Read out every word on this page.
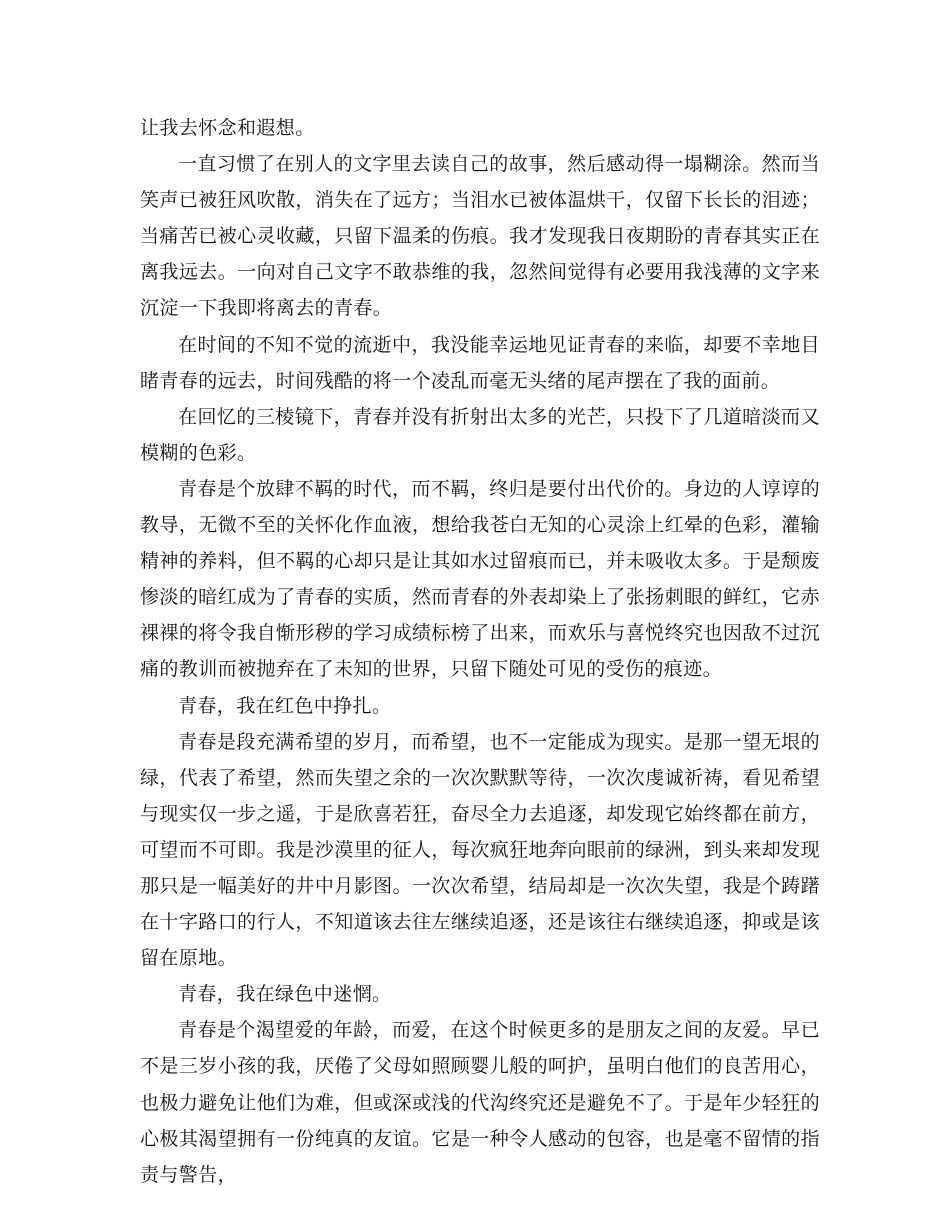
让我去怀念和遐想。

一直习惯了在别人的文字里去读自己的故事，然后感动得一塌糊涂。然而当笑声已被狂风吹散，消失在了远方；当泪水已被体温烘干，仅留下长长的泪迹；当痛苦已被心灵收藏，只留下温柔的伤痕。我才发现我日夜期盼的青春其实正在离我远去。一向对自己文字不敢恭维的我，忽然间觉得有必要用我浅薄的文字来沉淀一下我即将离去的青春。

在时间的不知不觉的流逝中，我没能幸运地见证青春的来临，却要不幸地目睹青春的远去，时间残酷的将一个凌乱而毫无头绪的尾声摆在了我的面前。

在回忆的三棱镜下，青春并没有折射出太多的光芒，只投下了几道暗淡而又模糊的色彩。

青春是个放肆不羁的时代，而不羁，终归是要付出代价的。身边的人谆谆的教导，无微不至的关怀化作血液，想给我苍白无知的心灵涂上红晕的色彩，灌输精神的养料，但不羁的心却只是让其如水过留痕而已，并未吸收太多。于是颓废惨淡的暗红成为了青春的实质，然而青春的外表却染上了张扬刺眼的鲜红，它赤裸裸的将令我自惭形秽的学习成绩标榜了出来，而欢乐与喜悦终究也因敌不过沉痛的教训而被抛弃在了未知的世界，只留下随处可见的受伤的痕迹。

青春，我在红色中挣扎。

青春是段充满希望的岁月，而希望，也不一定能成为现实。是那一望无垠的绿，代表了希望，然而失望之余的一次次默默等待，一次次虔诚祈祷，看见希望与现实仅一步之遥，于是欣喜若狂，奋尽全力去追逐，却发现它始终都在前方，可望而不可即。我是沙漠里的征人，每次疯狂地奔向眼前的绿洲，到头来却发现那只是一幅美好的井中月影图。一次次希望，结局却是一次次失望，我是个踌躇在十字路口的行人，不知道该去往左继续追逐，还是该往右继续追逐，抑或是该留在原地。

青春，我在绿色中迷惘。

青春是个渴望爱的年龄，而爱，在这个时候更多的是朋友之间的友爱。早已不是三岁小孩的我，厌倦了父母如照顾婴儿般的呵护，虽明白他们的良苦用心，也极力避免让他们为难，但或深或浅的代沟终究还是避免不了。于是年少轻狂的心极其渴望拥有一份纯真的友谊。它是一种令人感动的包容，也是毫不留情的指责与警告，
